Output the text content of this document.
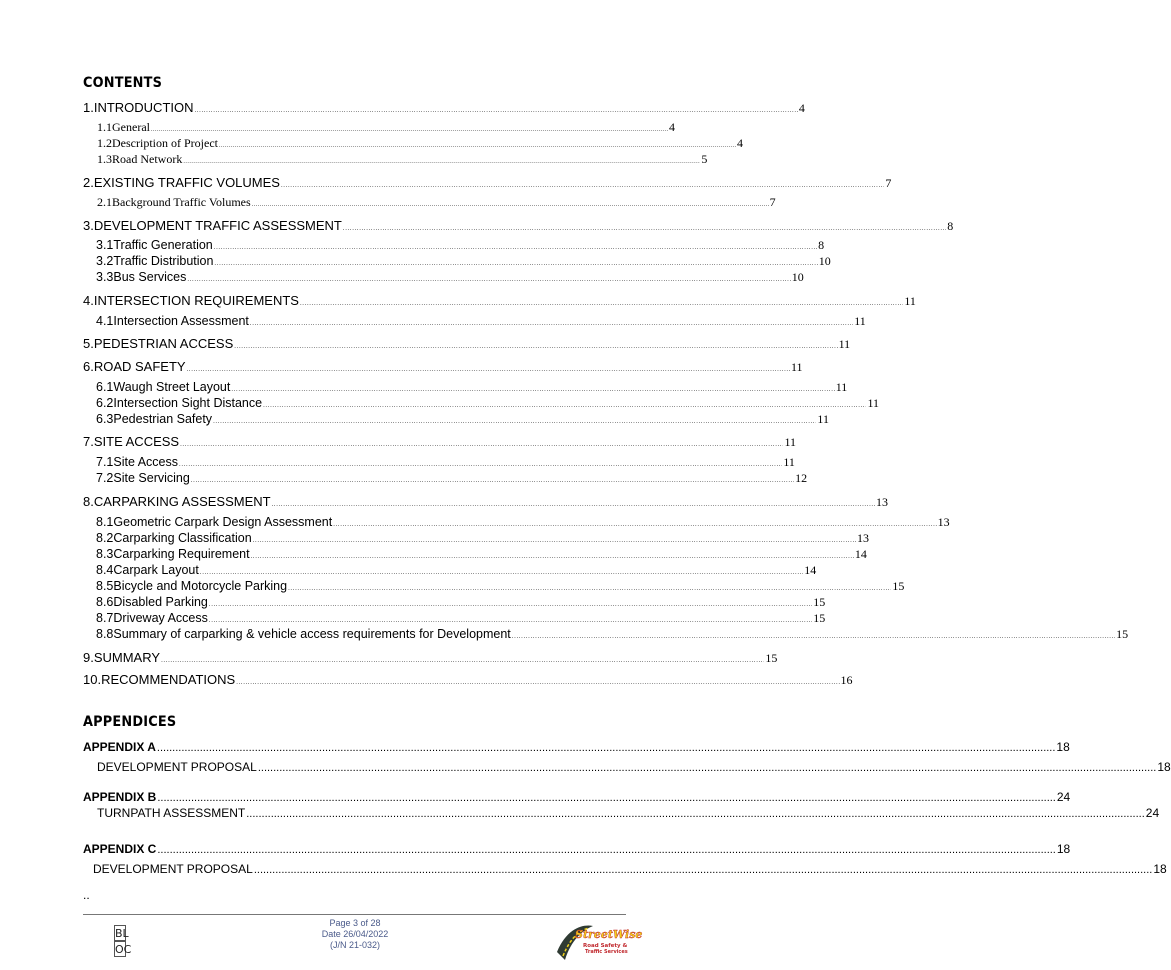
CONTENTS
1. INTRODUCTION . . .	4
1.1 General . . .	4
1.2 Description of Project . . .	4
1.3 Road Network . . .	5
2. EXISTING TRAFFIC VOLUMES . . .	7
2.1 Background Traffic Volumes . . .	7
3. DEVELOPMENT TRAFFIC ASSESSMENT . . .	8
3.1 Traffic Generation . . .	8
3.2 Traffic Distribution . . .	10
3.3 Bus Services . . .	10
4. INTERSECTION REQUIREMENTS . . .	11
4.1 Intersection Assessment . . .	11
5. PEDESTRIAN ACCESS . . .	11
6. ROAD SAFETY . . .	11
6.1 Waugh Street Layout . . .	11
6.2 Intersection Sight Distance . . .	11
6.3 Pedestrian Safety . . .	11
7. SITE ACCESS . . .	11
7.1 Site Access . . .	11
7.2 Site Servicing . . .	12
8. CARPARKING ASSESSMENT . . .	13
8.1 Geometric Carpark Design Assessment . . .	13
8.2 Carparking Classification . . .	13
8.3 Carparking Requirement . . .	14
8.4 Carpark Layout . . .	14
8.5 Bicycle and Motorcycle Parking . . .	15
8.6 Disabled Parking . . .	15
8.7 Driveway Access . . .	15
8.8 Summary of carparking & vehicle access requirements for Development . . .	15
9. SUMMARY . . .	15
10. RECOMMENDATIONS . . .	16
APPENDICES
APPENDIX A .....	18
DEVELOPMENT PROPOSAL .....	18
APPENDIX B .....	24
TURNPATH ASSESSMENT .....	24
APPENDIX C .....	18
DEVELOPMENT PROPOSAL .....	18
..
BL
OC
Page 3 of 28
Date 26/04/2022
(J/N 21-032)
StreetWise
Road Safety &
Traffic Services
